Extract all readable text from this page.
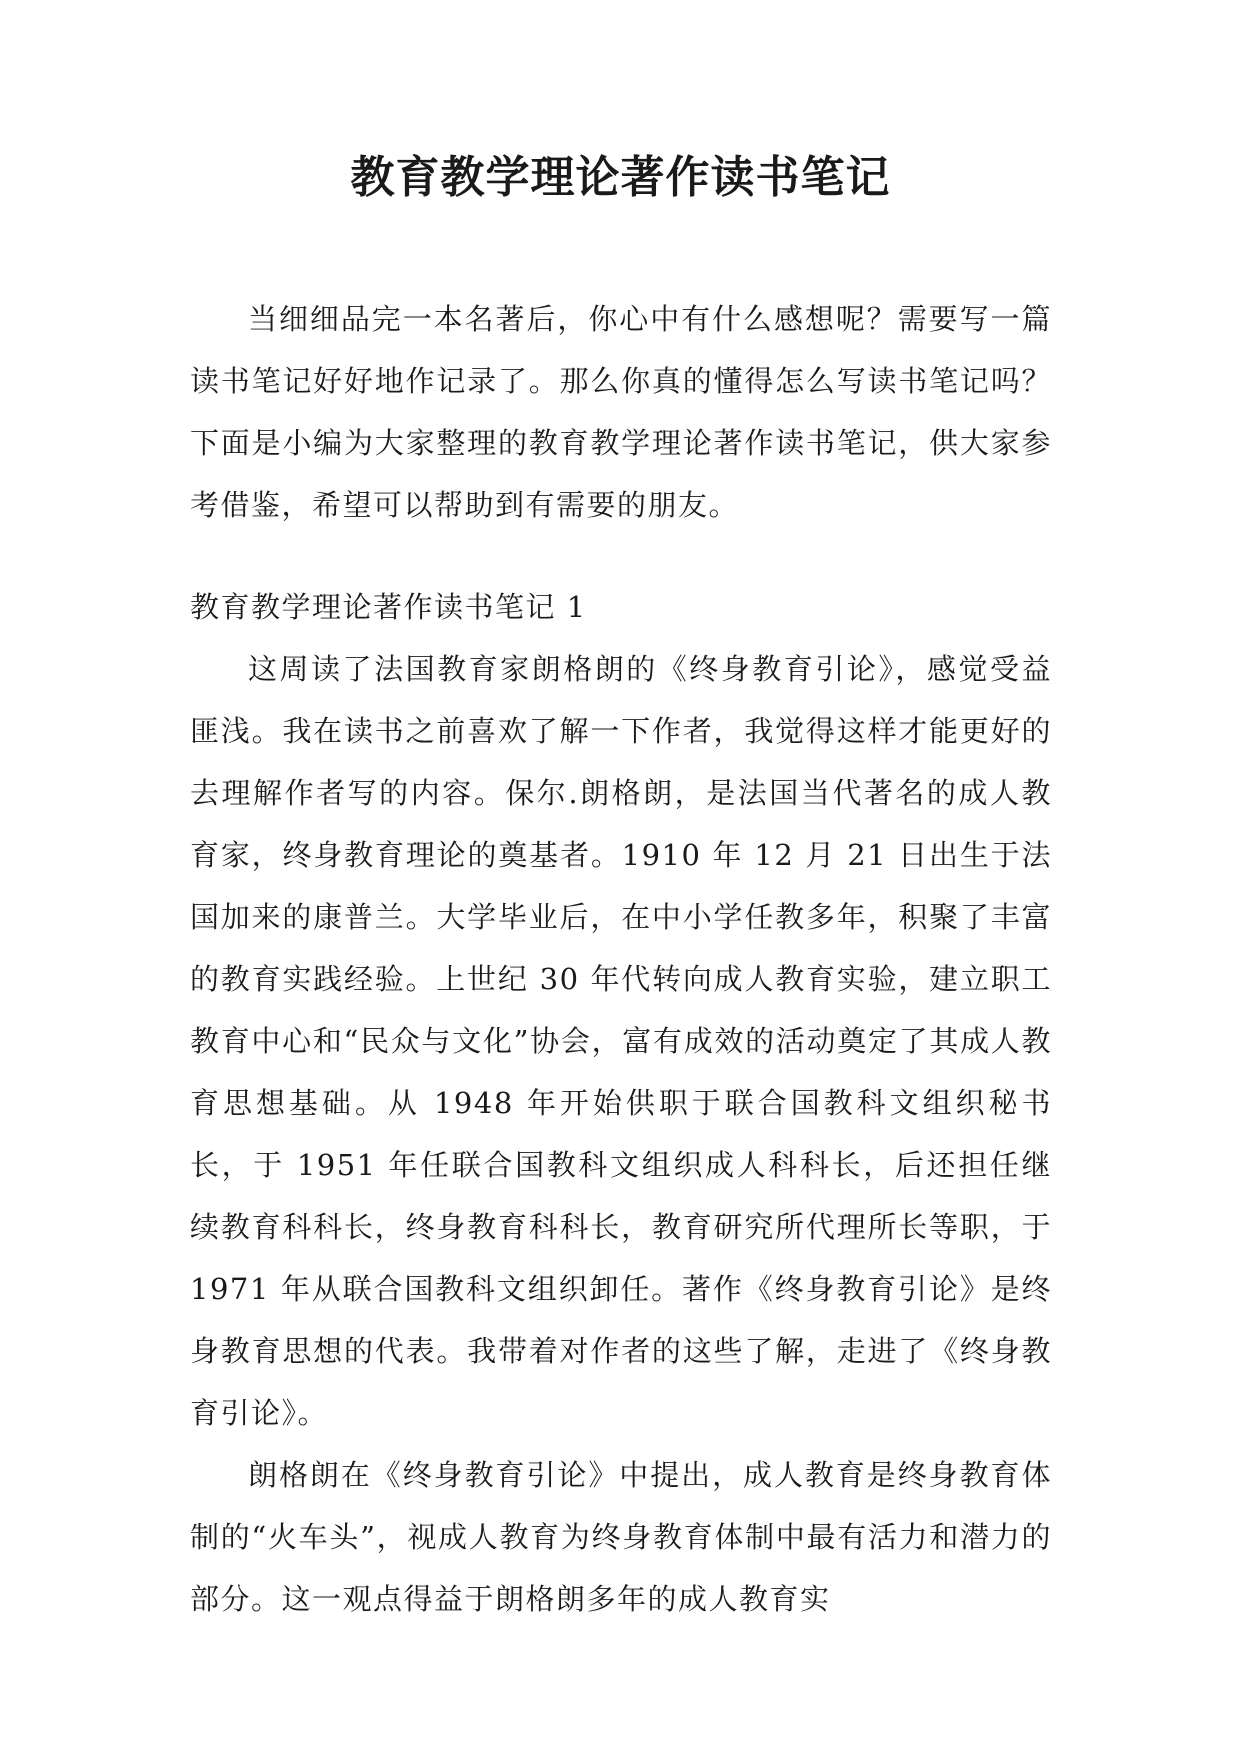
教育教学理论著作读书笔记

当细细品完一本名著后，你心中有什么感想呢？需要写一篇读书笔记好好地作记录了。那么你真的懂得怎么写读书笔记吗？下面是小编为大家整理的教育教学理论著作读书笔记，供大家参考借鉴，希望可以帮助到有需要的朋友。

教育教学理论著作读书笔记 1

这周读了法国教育家朗格朗的《终身教育引论》，感觉受益匪浅。我在读书之前喜欢了解一下作者，我觉得这样才能更好的去理解作者写的内容。保尔.朗格朗，是法国当代著名的成人教育家，终身教育理论的奠基者。1910 年 12 月 21 日出生于法国加来的康普兰。大学毕业后，在中小学任教多年，积聚了丰富的教育实践经验。上世纪 30 年代转向成人教育实验，建立职工教育中心和“民众与文化”协会，富有成效的活动奠定了其成人教育思想基础。从 1948 年开始供职于联合国教科文组织秘书长，于 1951 年任联合国教科文组织成人科科长，后还担任继续教育科科长，终身教育科科长，教育研究所代理所长等职，于 1971 年从联合国教科文组织卸任。著作《终身教育引论》是终身教育思想的代表。我带着对作者的这些了解，走进了《终身教育引论》。

朗格朗在《终身教育引论》中提出，成人教育是终身教育体制的“火车头”，视成人教育为终身教育体制中最有活力和潜力的部分。这一观点得益于朗格朗多年的成人教育实
